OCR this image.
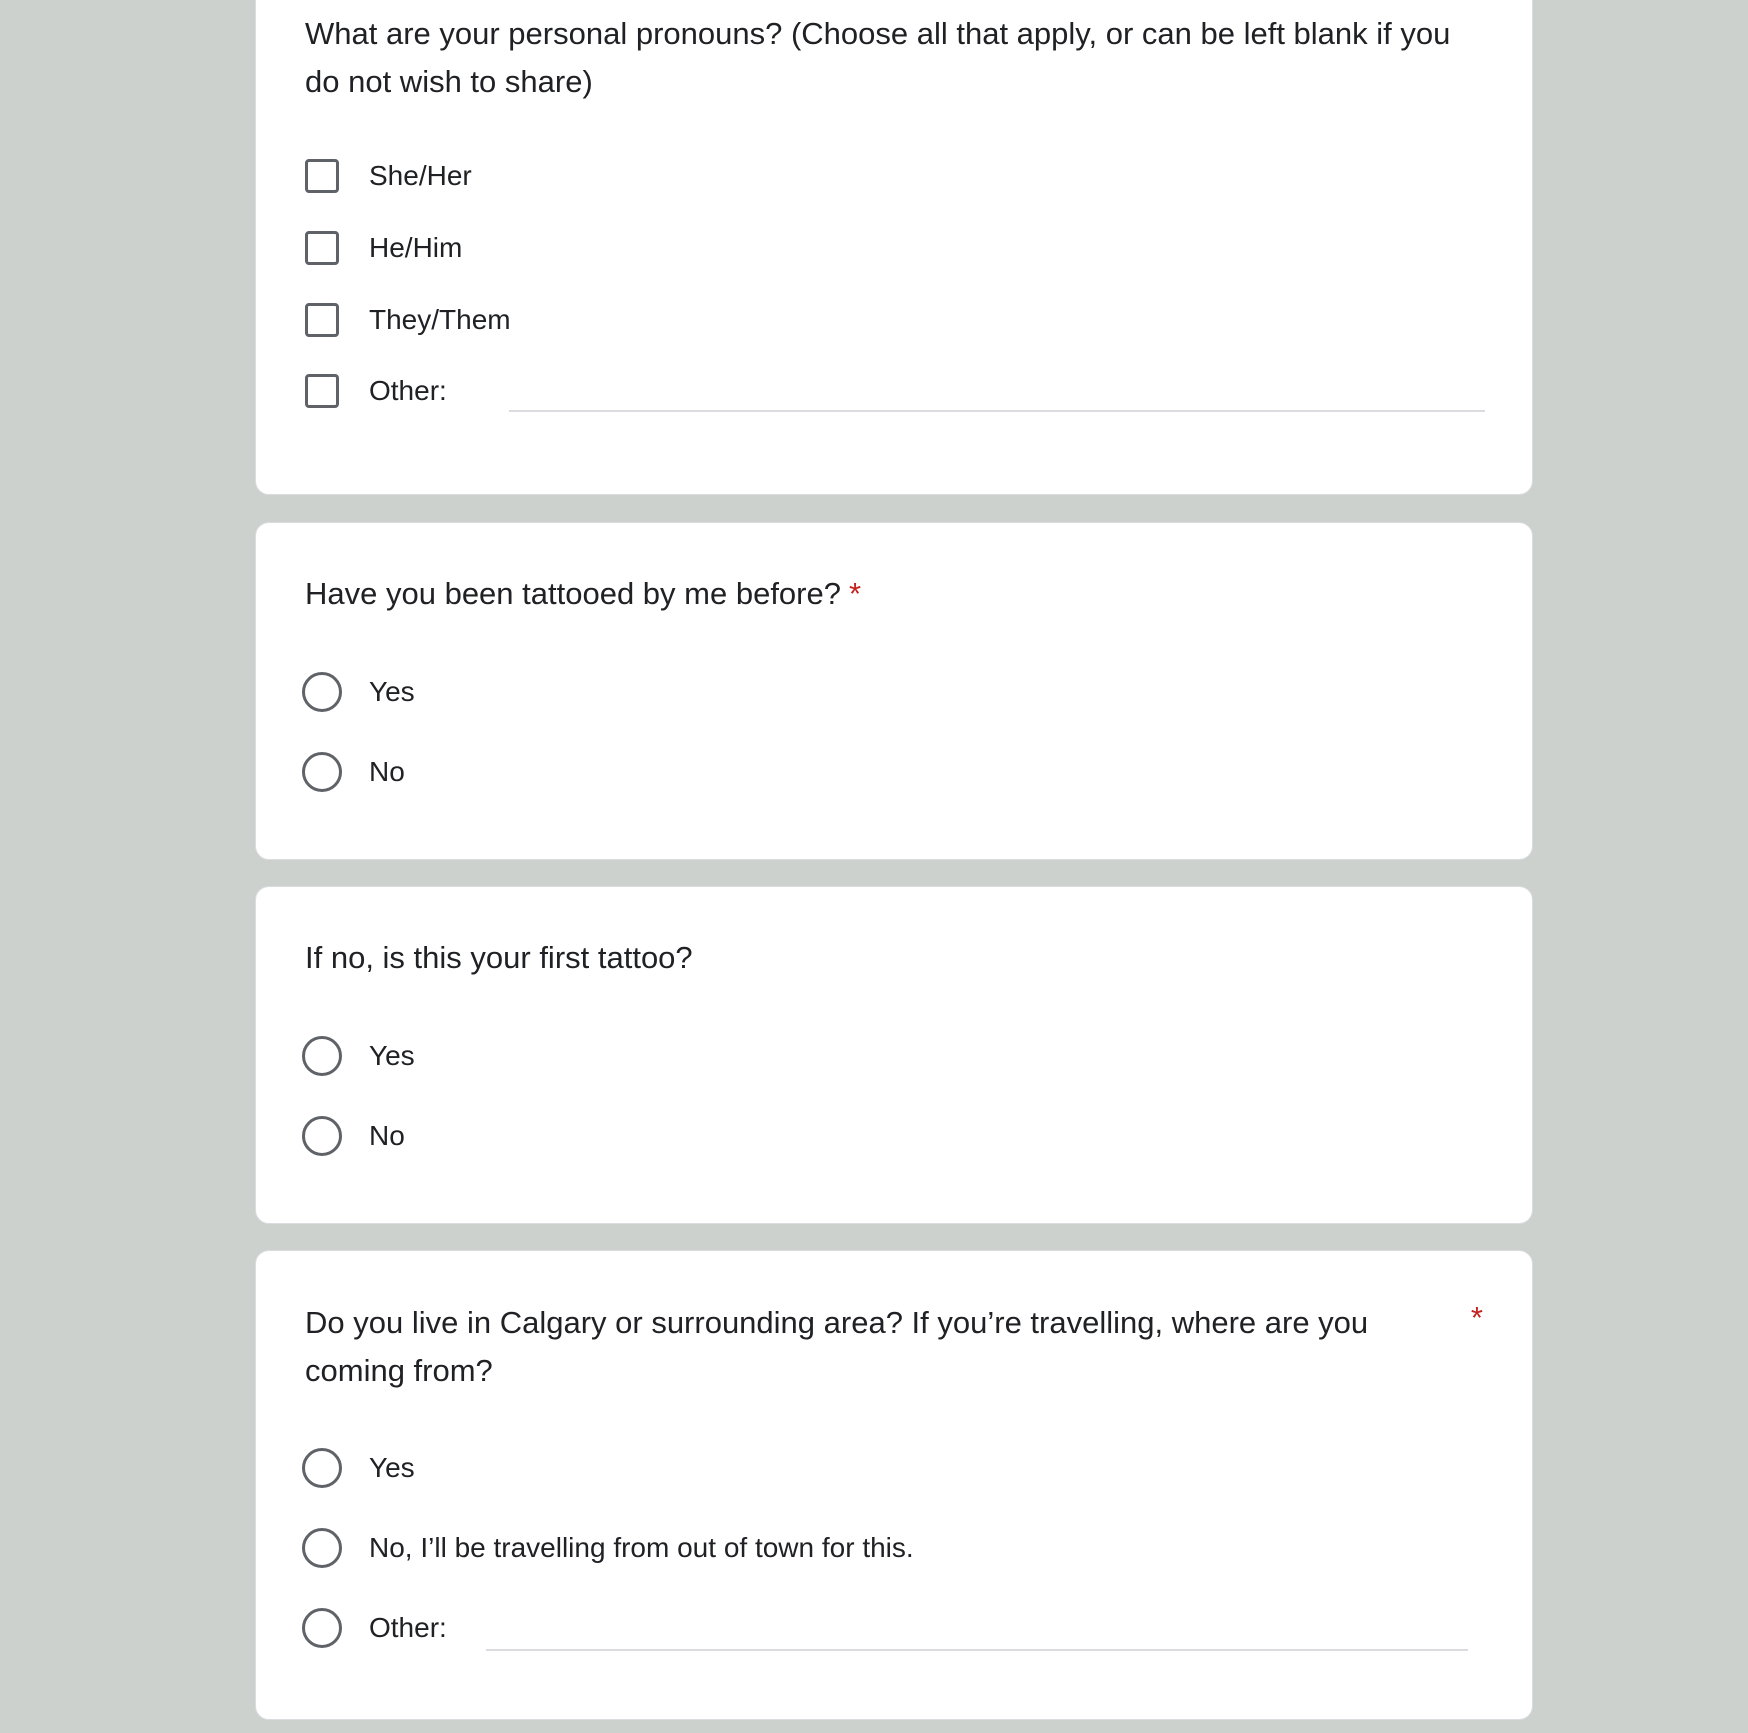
What are your personal pronouns? (Choose all that apply, or can be left blank if you do not wish to share)
She/Her
He/Him
They/Them
Other:
Have you been tattooed by me before? *
Yes
No
If no, is this your first tattoo?
Yes
No
Do you live in Calgary or surrounding area? If you’re travelling, where are you coming from?
*
Yes
No, I’ll be travelling from out of town for this.
Other:
